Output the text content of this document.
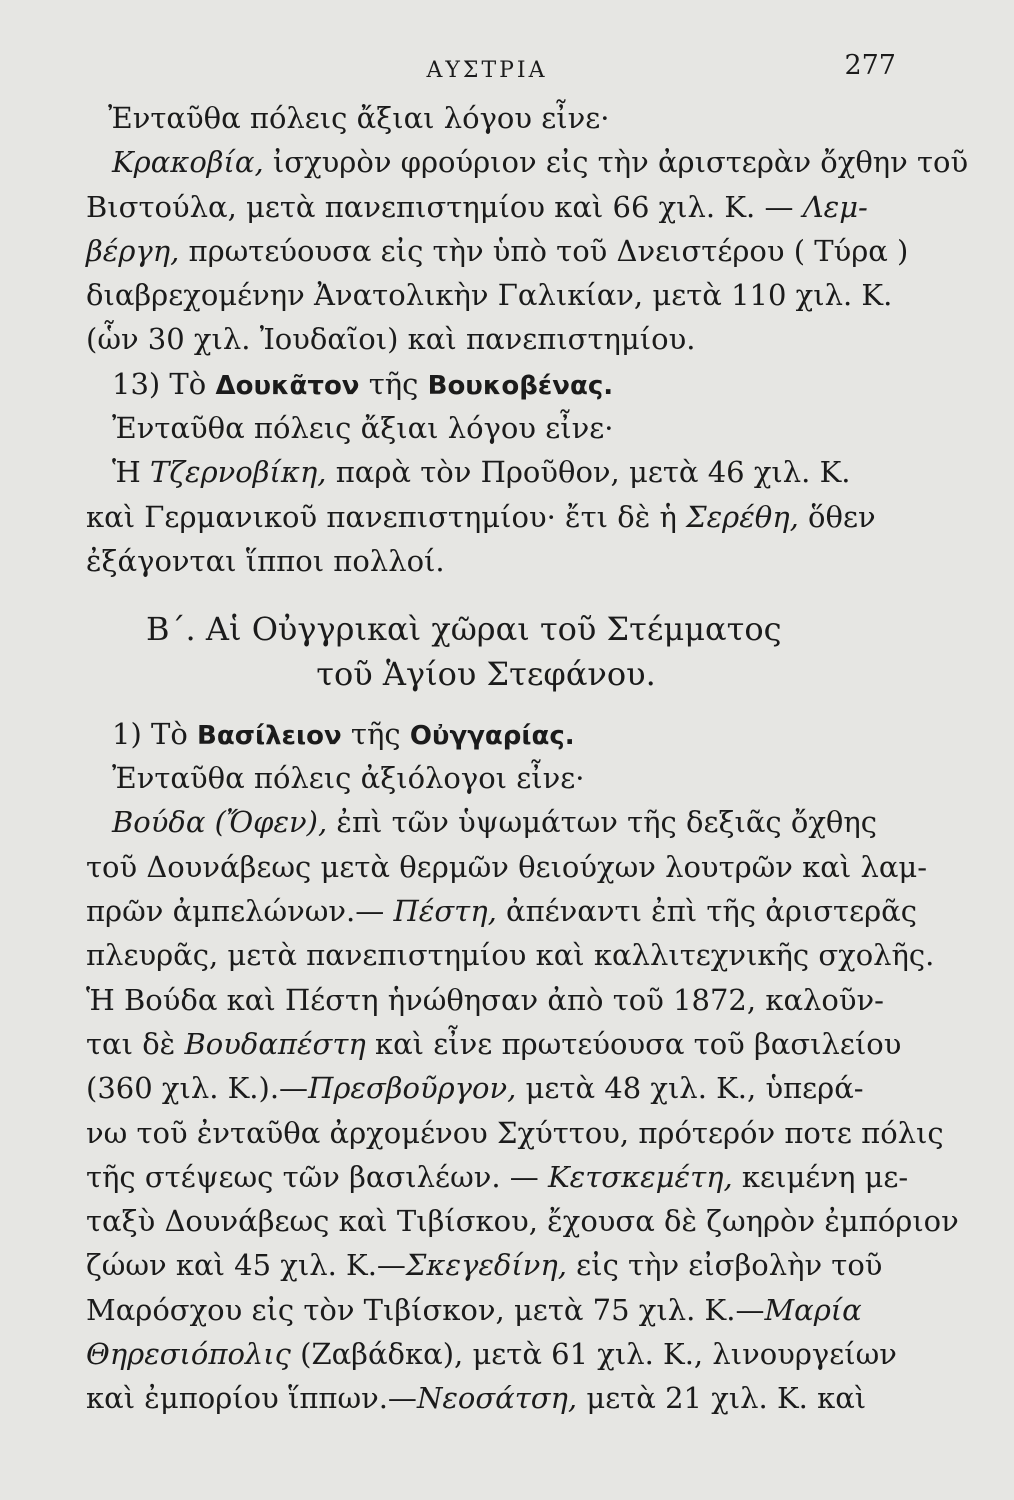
ΑΥΣΤΡΙΑ	277
Ἐνταῦθα πόλεις ἄξιαι λόγου εἶνε·
Κρακοβία, ἰσχυρὸν φρούριον εἰς τὴν ἀριστερὰν ὄχθην τοῦ
Βιστούλα, μετὰ πανεπιστημίου καὶ 66 χιλ. Κ. — Λεμ-
βέργη, πρωτεύουσα εἰς τὴν ὑπὸ τοῦ Δνειστέρου ( Τύρα )
διαβρεχομένην Ἀνατολικὴν Γαλικίαν, μετὰ 110 χιλ. Κ.
(ὧν 30 χιλ. Ἰουδαῖοι) καὶ πανεπιστημίου.
13) Τὸ Δουκᾶτον τῆς Βουκοβένας.
Ἐνταῦθα πόλεις ἄξιαι λόγου εἶνε·
Ἡ Τζερνοβίκη, παρὰ τὸν Προῦθον, μετὰ 46 χιλ. Κ.
καὶ Γερμανικοῦ πανεπιστημίου· ἔτι δὲ ἡ Σερέθη, ὅθεν
ἐξάγονται ἵπποι πολλοί.
Β΄. Αἱ Οὐγγρικαὶ χῶραι τοῦ Στέμματος
τοῦ Ἁγίου Στεφάνου.
1) Τὸ Βασίλειον τῆς Οὐγγαρίας.
Ἐνταῦθα πόλεις ἀξιόλογοι εἶνε·
Βούδα (Ὄφεν), ἐπὶ τῶν ὑψωμάτων τῆς δεξιᾶς ὄχθης
τοῦ Δουνάβεως μετὰ θερμῶν θειούχων λουτρῶν καὶ λαμ-
πρῶν ἀμπελώνων.— Πέστη, ἀπέναντι ἐπὶ τῆς ἀριστερᾶς
πλευρᾶς, μετὰ πανεπιστημίου καὶ καλλιτεχνικῆς σχολῆς.
Ἡ Βούδα καὶ Πέστη ἡνώθησαν ἀπὸ τοῦ 1872, καλοῦν-
ται δὲ Βουδαπέστη καὶ εἶνε πρωτεύουσα τοῦ βασιλείου
(360 χιλ. Κ.).—Πρεσβοῦργον, μετὰ 48 χιλ. Κ., ὑπερά-
νω τοῦ ἐνταῦθα ἀρχομένου Σχύττου, πρότερόν ποτε πόλις
τῆς στέψεως τῶν βασιλέων. — Κετσκεμέτη, κειμένη με-
ταξὺ Δουνάβεως καὶ Τιβίσκου, ἔχουσα δὲ ζωηρὸν ἐμπόριον
ζώων καὶ 45 χιλ. Κ.—Σκεγεδίνη, εἰς τὴν εἰσβολὴν τοῦ
Μαρόσχου εἰς τὸν Τιβίσκον, μετὰ 75 χιλ. Κ.—Μαρία
Θηρεσιόπολις (Ζαβάδκα), μετὰ 61 χιλ. Κ., λινουργείων
καὶ ἐμπορίου ἵππων.—Νεοσάτση, μετὰ 21 χιλ. Κ. καὶ
